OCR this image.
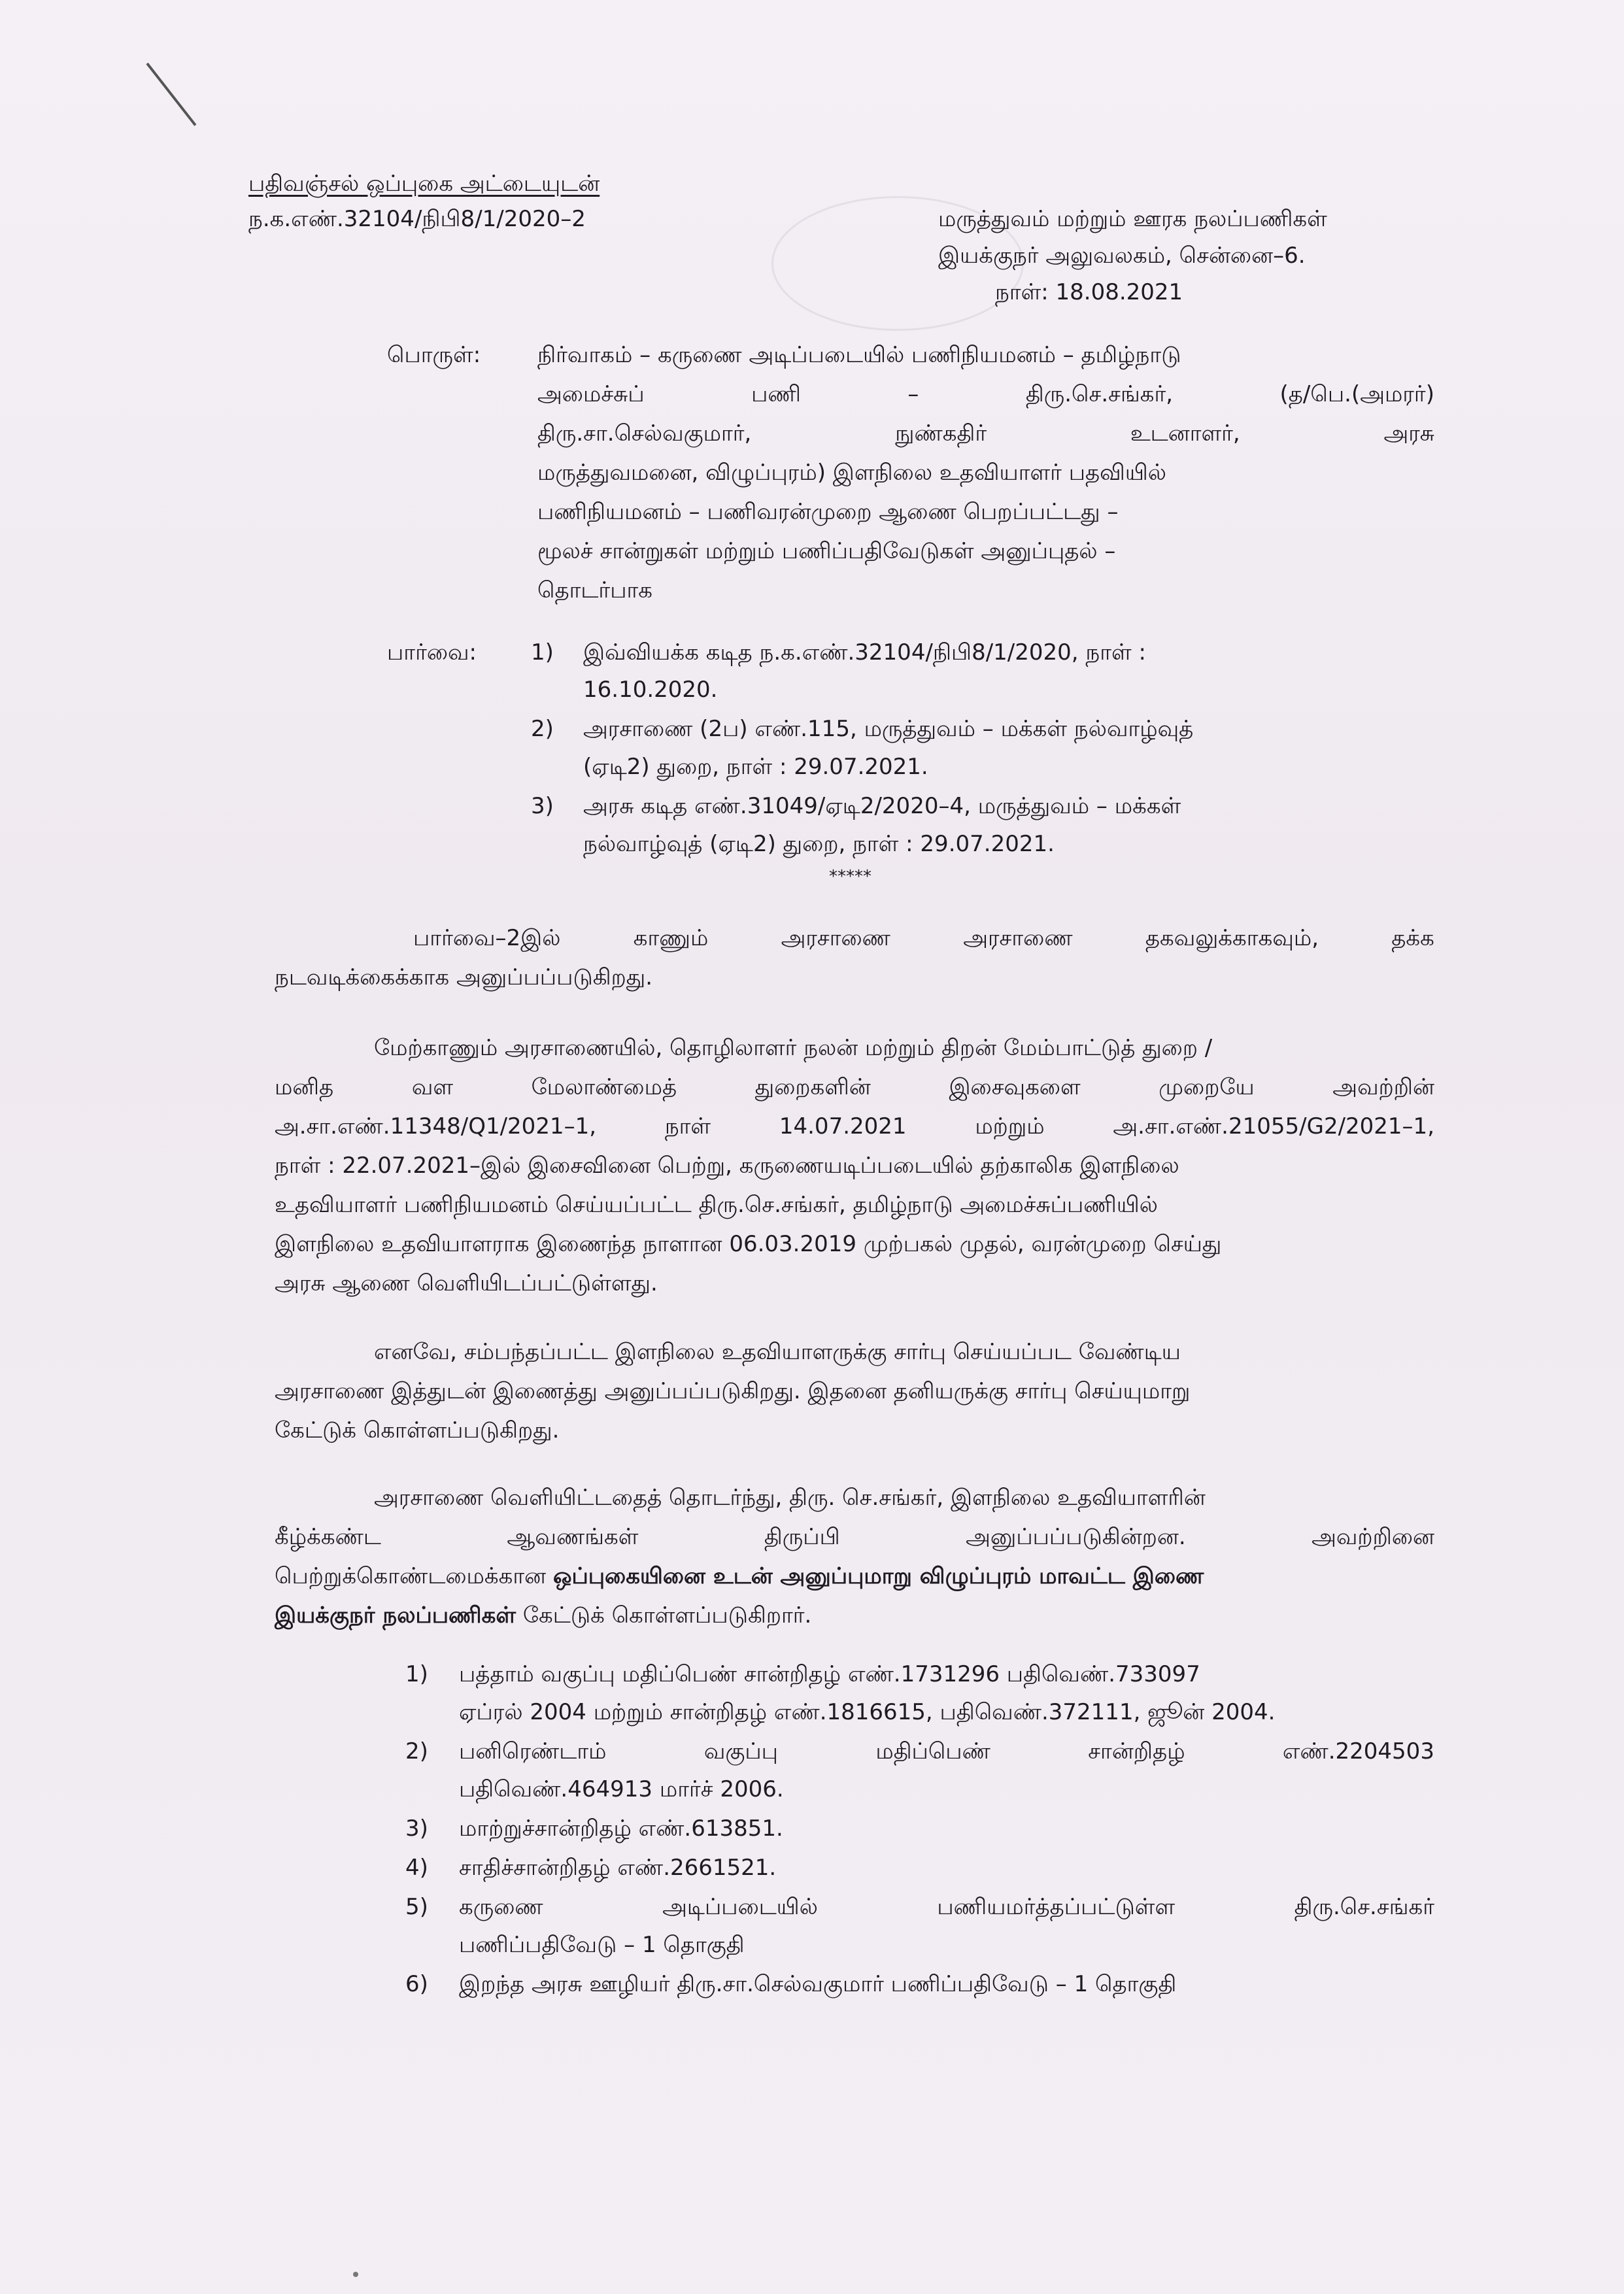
பதிவஞ்சல் ஒப்புகை அட்டையுடன்
ந.க.எண்.32104/நிபி8/1/2020–2	மருத்துவம் மற்றும் ஊரக நலப்பணிகள்
இயக்குநர் அலுவலகம், சென்னை–6.
நாள்: 18.08.2021
பொருள்:	நிர்வாகம் – கருணை அடிப்படையில் பணிநியமனம் – தமிழ்நாடு
அமைச்சுப்	பணி	–	திரு.செ.சங்கர்,	(த/பெ.(அமரர்)
திரு.சா.செல்வகுமார்,	நுண்கதிர்	உடனாளர்,	அரசு
மருத்துவமனை, விழுப்புரம்) இளநிலை உதவியாளர் பதவியில்
பணிநியமனம் – பணிவரன்முறை ஆணை பெறப்பட்டது –
மூலச் சான்றுகள் மற்றும் பணிப்பதிவேடுகள் அனுப்புதல் –
தொடர்பாக
பார்வை: 1) இவ்வியக்க கடித ந.க.எண்.32104/நிபி8/1/2020, நாள் :
16.10.2020.
2) அரசாணை (2ப) எண்.115, மருத்துவம் – மக்கள் நல்வாழ்வுத்
(ஏடி2) துறை, நாள் : 29.07.2021.
3) அரசு கடித எண்.31049/ஏடி2/2020–4, மருத்துவம் – மக்கள்
நல்வாழ்வுத் (ஏடி2) துறை, நாள் : 29.07.2021.
*****
பார்வை–2இல்	காணும்	அரசாணை	அரசாணை	தகவலுக்காகவும்,	தக்க
நடவடிக்கைக்காக அனுப்பப்படுகிறது.
மேற்காணும் அரசாணையில், தொழிலாளர் நலன் மற்றும் திறன் மேம்பாட்டுத் துறை /
மனித	வள	மேலாண்மைத்	துறைகளின்	இசைவுகளை	முறையே	அவற்றின்
அ.சா.எண்.11348/Q1/2021–1,	நாள்	14.07.2021	மற்றும்	அ.சா.எண்.21055/G2/2021–1,
நாள் : 22.07.2021–இல் இசைவினை பெற்று, கருணையடிப்படையில் தற்காலிக இளநிலை
உதவியாளர் பணிநியமனம் செய்யப்பட்ட திரு.செ.சங்கர், தமிழ்நாடு அமைச்சுப்பணியில்
இளநிலை உதவியாளராக இணைந்த நாளான 06.03.2019 முற்பகல் முதல், வரன்முறை செய்து
அரசு ஆணை வெளியிடப்பட்டுள்ளது.
எனவே, சம்பந்தப்பட்ட இளநிலை உதவியாளருக்கு சார்பு செய்யப்பட வேண்டிய
அரசாணை இத்துடன் இணைத்து அனுப்பப்படுகிறது. இதனை தனியருக்கு சார்பு செய்யுமாறு
கேட்டுக் கொள்ளப்படுகிறது.
அரசாணை வெளியிட்டதைத் தொடர்ந்து, திரு. செ.சங்கர், இளநிலை உதவியாளரின்
கீழ்க்கண்ட	ஆவணங்கள்	திருப்பி	அனுப்பப்படுகின்றன.	அவற்றினை
பெற்றுக்கொண்டமைக்கான ஒப்புகையினை உடன் அனுப்புமாறு விழுப்புரம் மாவட்ட இணை
இயக்குநர் நலப்பணிகள் கேட்டுக் கொள்ளப்படுகிறார்.
1) பத்தாம் வகுப்பு மதிப்பெண் சான்றிதழ் எண்.1731296 பதிவெண்.733097
ஏப்ரல் 2004 மற்றும் சான்றிதழ் எண்.1816615, பதிவெண்.372111, ஜூன் 2004.
2) பனிரெண்டாம்	வகுப்பு	மதிப்பெண்	சான்றிதழ்	எண்.2204503
பதிவெண்.464913 மார்ச் 2006.
3) மாற்றுச்சான்றிதழ் எண்.613851.
4) சாதிச்சான்றிதழ் எண்.2661521.
5) கருணை	அடிப்படையில்	பணியமர்த்தப்பட்டுள்ள	திரு.செ.சங்கர்
பணிப்பதிவேடு – 1 தொகுதி
6) இறந்த அரசு ஊழியர் திரு.சா.செல்வகுமார் பணிப்பதிவேடு – 1 தொகுதி
